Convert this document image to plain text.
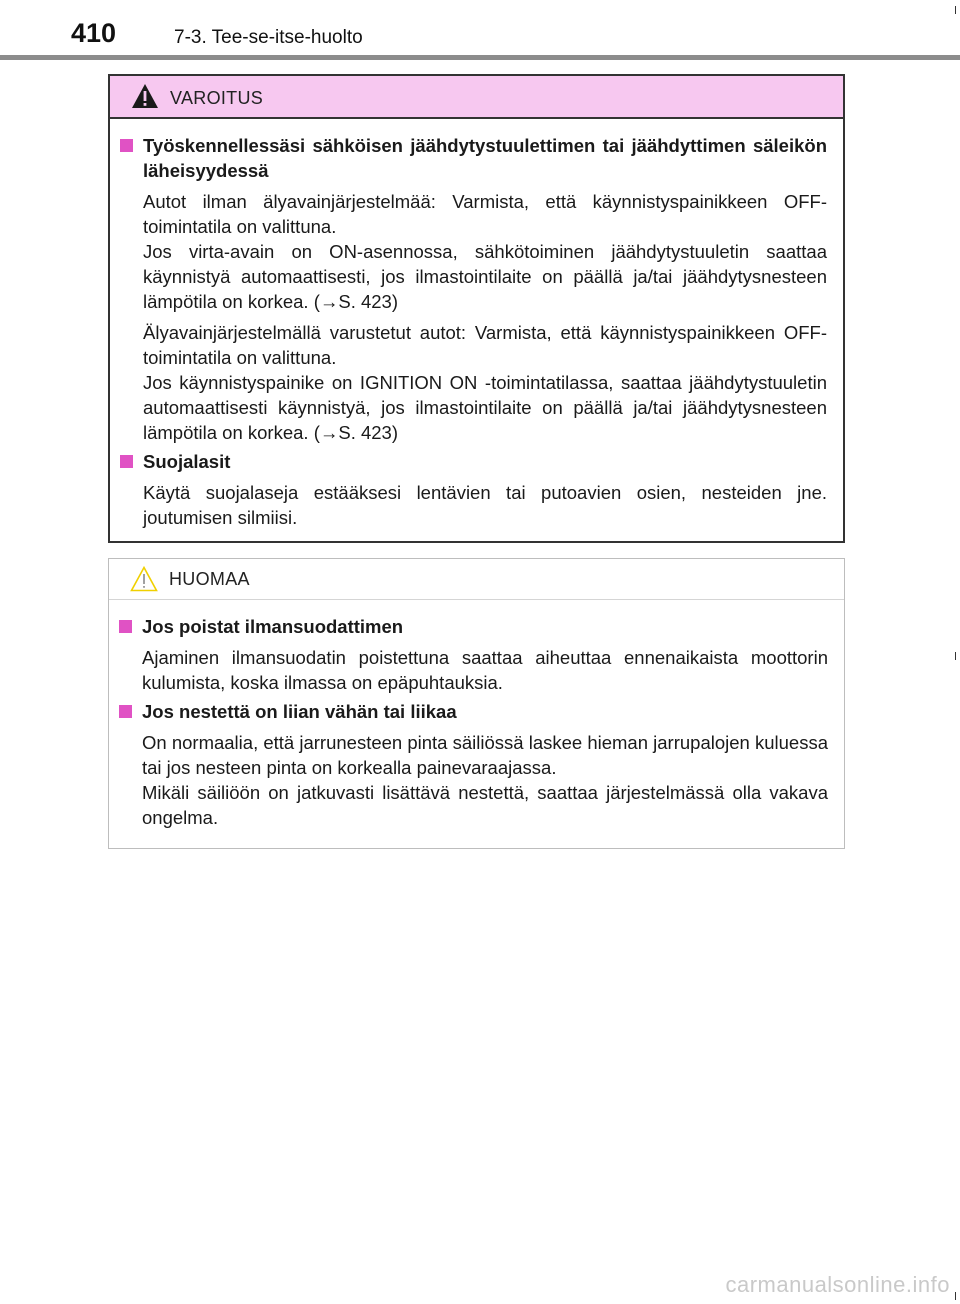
410	7-3. Tee-se-itse-huolto
VAROITUS
Työskennellessäsi sähköisen jäähdytystuulettimen tai jäähdyttimen säleikön läheisyydessä
Autot ilman älyavainjärjestelmää: Varmista, että käynnistyspainikkeen OFF-toimintatila on valittuna.
Jos virta-avain on ON-asennossa, sähkötoiminen jäähdytystuuletin saattaa käynnistyä automaattisesti, jos ilmastointilaite on päällä ja/tai jäähdytysnesteen lämpötila on korkea. (→S. 423)
Älyavainjärjestelmällä varustetut autot: Varmista, että käynnistyspainikkeen OFF-toimintatila on valittuna.
Jos käynnistyspainike on IGNITION ON -toimintatilassa, saattaa jäähdytystuuletin automaattisesti käynnistyä, jos ilmastointilaite on päällä ja/tai jäähdytysnesteen lämpötila on korkea. (→S. 423)
Suojalasit
Käytä suojalaseja estääksesi lentävien tai putoavien osien, nesteiden jne. joutumisen silmiisi.
HUOMAA
Jos poistat ilmansuodattimen
Ajaminen ilmansuodatin poistettuna saattaa aiheuttaa ennenaikaista moottorin kulumista, koska ilmassa on epäpuhtauksia.
Jos nestettä on liian vähän tai liikaa
On normaalia, että jarrunesteen pinta säiliössä laskee hieman jarrupalojen kuluessa tai jos nesteen pinta on korkealla painevaraajassa.
Mikäli säiliöön on jatkuvasti lisättävä nestettä, saattaa järjestelmässä olla vakava ongelma.
carmanualsonline.info
